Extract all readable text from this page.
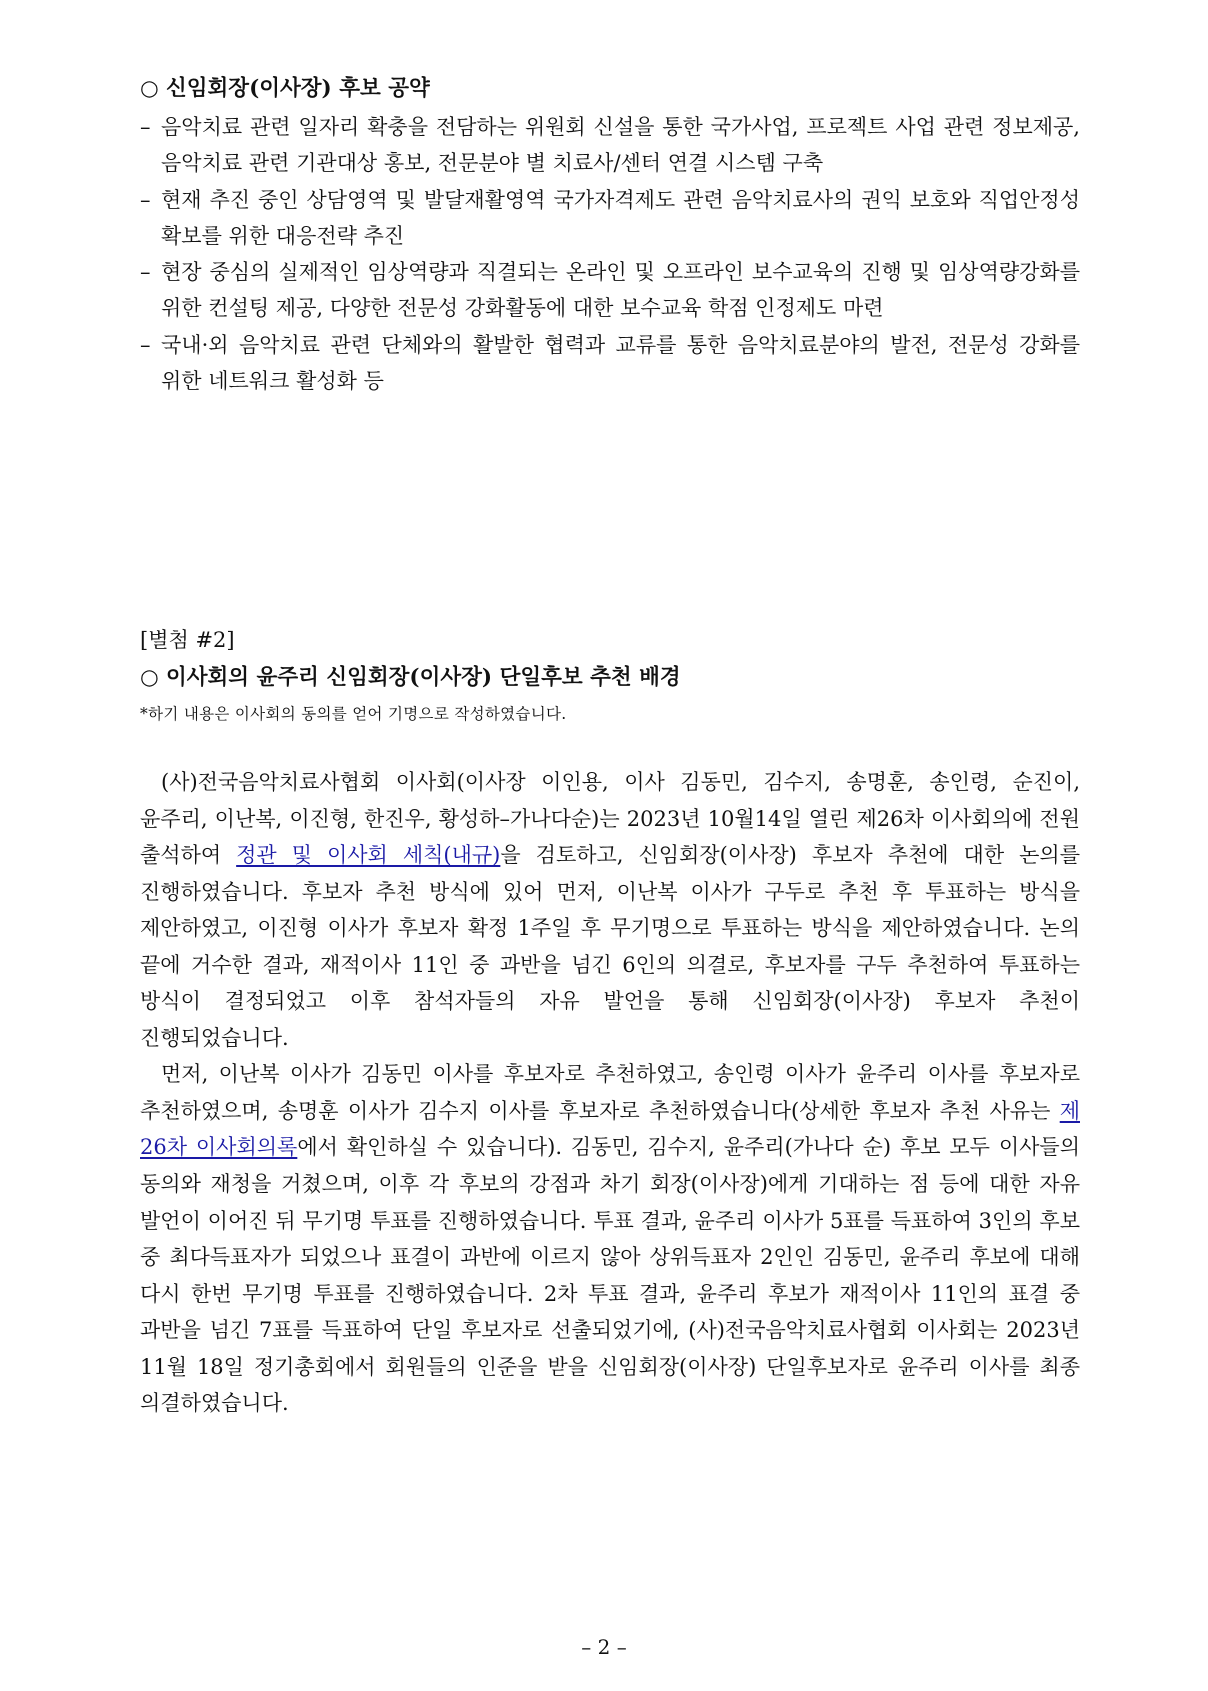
○ 신임회장(이사장) 후보 공약
– 음악치료 관련 일자리 확충을 전담하는 위원회 신설을 통한 국가사업, 프로젝트 사업 관련 정보제공, 음악치료 관련 기관대상 홍보, 전문분야 별 치료사/센터 연결 시스템 구축
– 현재 추진 중인 상담영역 및 발달재활영역 국가자격제도 관련 음악치료사의 권익 보호와 직업안정성 확보를 위한 대응전략 추진
– 현장 중심의 실제적인 임상역량과 직결되는 온라인 및 오프라인 보수교육의 진행 및 임상역량강화를 위한 컨설팅 제공, 다양한 전문성 강화활동에 대한 보수교육 학점 인정제도 마련
– 국내·외 음악치료 관련 단체와의 활발한 협력과 교류를 통한 음악치료분야의 발전, 전문성 강화를 위한 네트워크 활성화 등
[별첨 #2]
○ 이사회의 윤주리 신임회장(이사장) 단일후보 추천 배경
*하기 내용은 이사회의 동의를 얻어 기명으로 작성하였습니다.

(사)전국음악치료사협회 이사회(이사장 이인용, 이사 김동민, 김수지, 송명훈, 송인령, 순진이, 윤주리, 이난복, 이진형, 한진우, 황성하–가나다순)는 2023년 10월14일 열린 제26차 이사회의에 전원 출석하여 정관 및 이사회 세칙(내규)을 검토하고, 신임회장(이사장) 후보자 추천에 대한 논의를 진행하였습니다. 후보자 추천 방식에 있어 먼저, 이난복 이사가 구두로 추천 후 투표하는 방식을 제안하였고, 이진형 이사가 후보자 확정 1주일 후 무기명으로 투표하는 방식을 제안하였습니다. 논의 끝에 거수한 결과, 재적이사 11인 중 과반을 넘긴 6인의 의결로, 후보자를 구두 추천하여 투표하는 방식이 결정되었고 이후 참석자들의 자유 발언을 통해 신임회장(이사장) 후보자 추천이 진행되었습니다.

먼저, 이난복 이사가 김동민 이사를 후보자로 추천하였고, 송인령 이사가 윤주리 이사를 후보자로 추천하였으며, 송명훈 이사가 김수지 이사를 후보자로 추천하였습니다(상세한 후보자 추천 사유는 제 26차 이사회의록에서 확인하실 수 있습니다). 김동민, 김수지, 윤주리(가나다 순) 후보 모두 이사들의 동의와 재청을 거쳤으며, 이후 각 후보의 강점과 차기 회장(이사장)에게 기대하는 점 등에 대한 자유 발언이 이어진 뒤 무기명 투표를 진행하였습니다. 투표 결과, 윤주리 이사가 5표를 득표하여 3인의 후보 중 최다득표자가 되었으나 표결이 과반에 이르지 않아 상위득표자 2인인 김동민, 윤주리 후보에 대해 다시 한번 무기명 투표를 진행하였습니다. 2차 투표 결과, 윤주리 후보가 재적이사 11인의 표결 중 과반을 넘긴 7표를 득표하여 단일 후보자로 선출되었기에, (사)전국음악치료사협회 이사회는 2023년 11월 18일 정기총회에서 회원들의 인준을 받을 신임회장(이사장) 단일후보자로 윤주리 이사를 최종 의결하였습니다.

– 2 –
